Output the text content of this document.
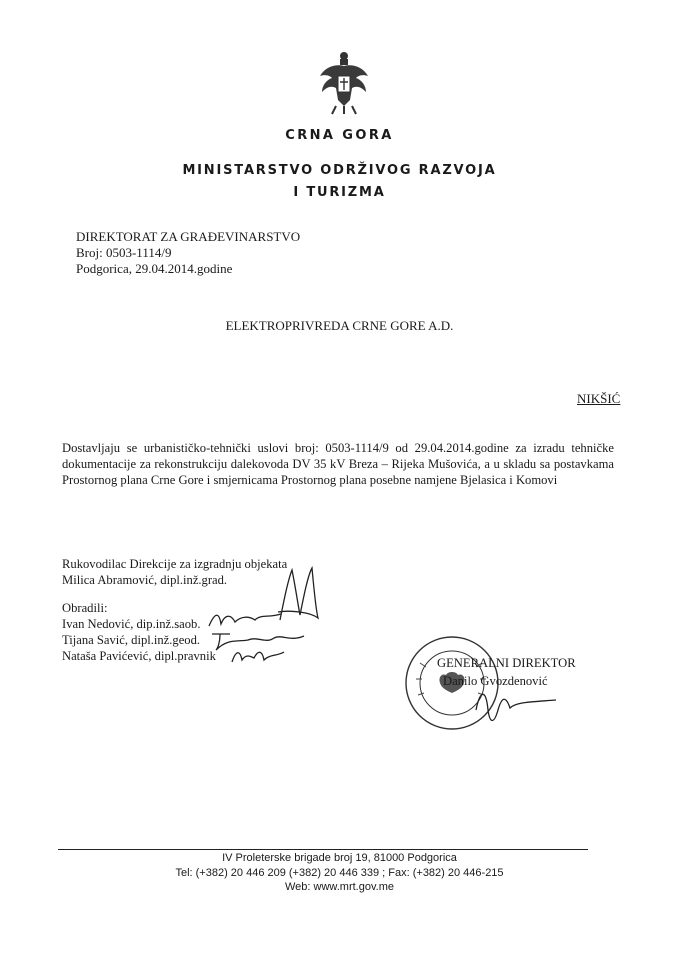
CRNA GORA
MINISTARSTVO ODRŽIVOG RAZVOJA
I TURIZMA
DIREKTORAT ZA GRAĐEVINARSTVO
Broj: 0503-1114/9
Podgorica, 29.04.2014.godine
ELEKTROPRIVREDA CRNE GORE A.D.
NIKŠIĆ
Dostavljaju se urbanističko-tehnički uslovi broj: 0503-1114/9 od 29.04.2014.godine za izradu tehničke dokumentacije za rekonstrukciju dalekovoda DV 35 kV Breza – Rijeka Mušovića, a u skladu sa postavkama Prostornog plana Crne Gore i smjernicama Prostornog plana posebne namjene Bjelasica i Komovi
Rukovodilac Direkcije za izgradnju objekata
Milica Abramović, dipl.inž.grad.
Obradili:
Ivan Nedović, dip.inž.saob.
Tijana Savić, dipl.inž.geod.
Nataša Pavićević, dipl.pravnik	GENERALNI DIREKTOR
Danilo Gvozdenović
IV Proleterske brigade broj 19, 81000 Podgorica
Tel: (+382) 20 446 209 (+382) 20 446 339 ; Fax: (+382) 20 446-215
Web: www.mrt.gov.me
